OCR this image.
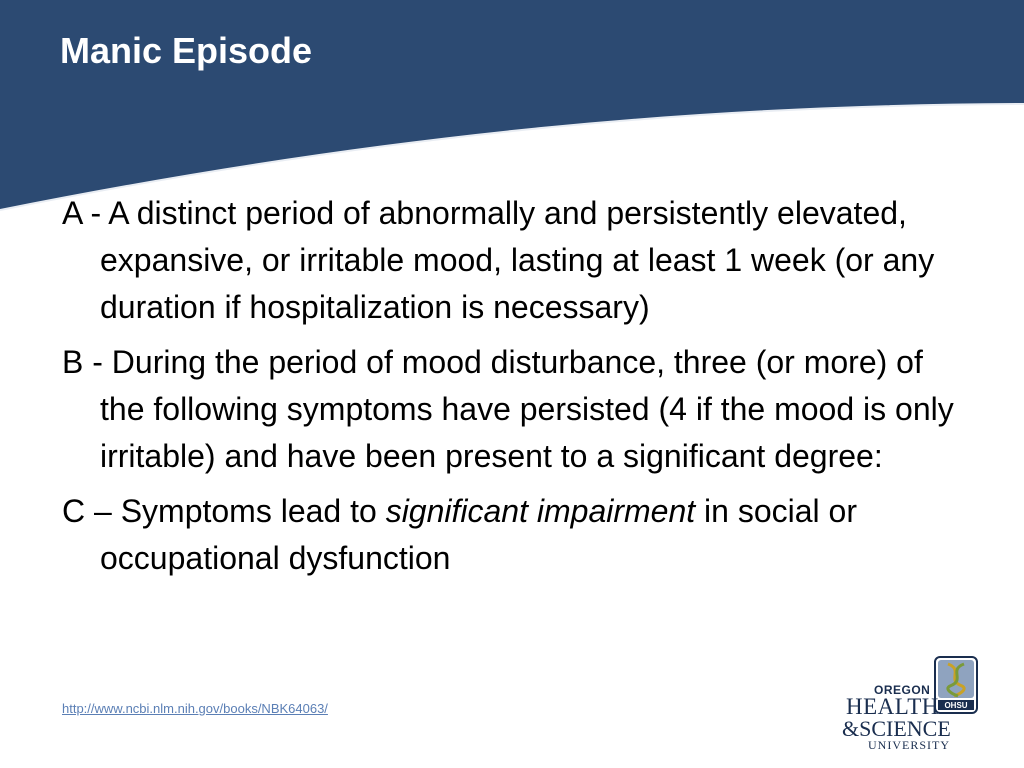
Manic Episode

A - A distinct period of abnormally and persistently elevated, expansive, or irritable mood, lasting at least 1 week (or any duration if hospitalization is necessary)

B - During the period of mood disturbance, three (or more) of the following symptoms have persisted (4 if the mood is only irritable) and have been present to a significant degree:

C – Symptoms lead to significant impairment in social or occupational dysfunction

http://www.ncbi.nlm.nih.gov/books/NBK64063/	OHSU
OREGON
HEALTH
&SCIENCE
UNIVERSITY
